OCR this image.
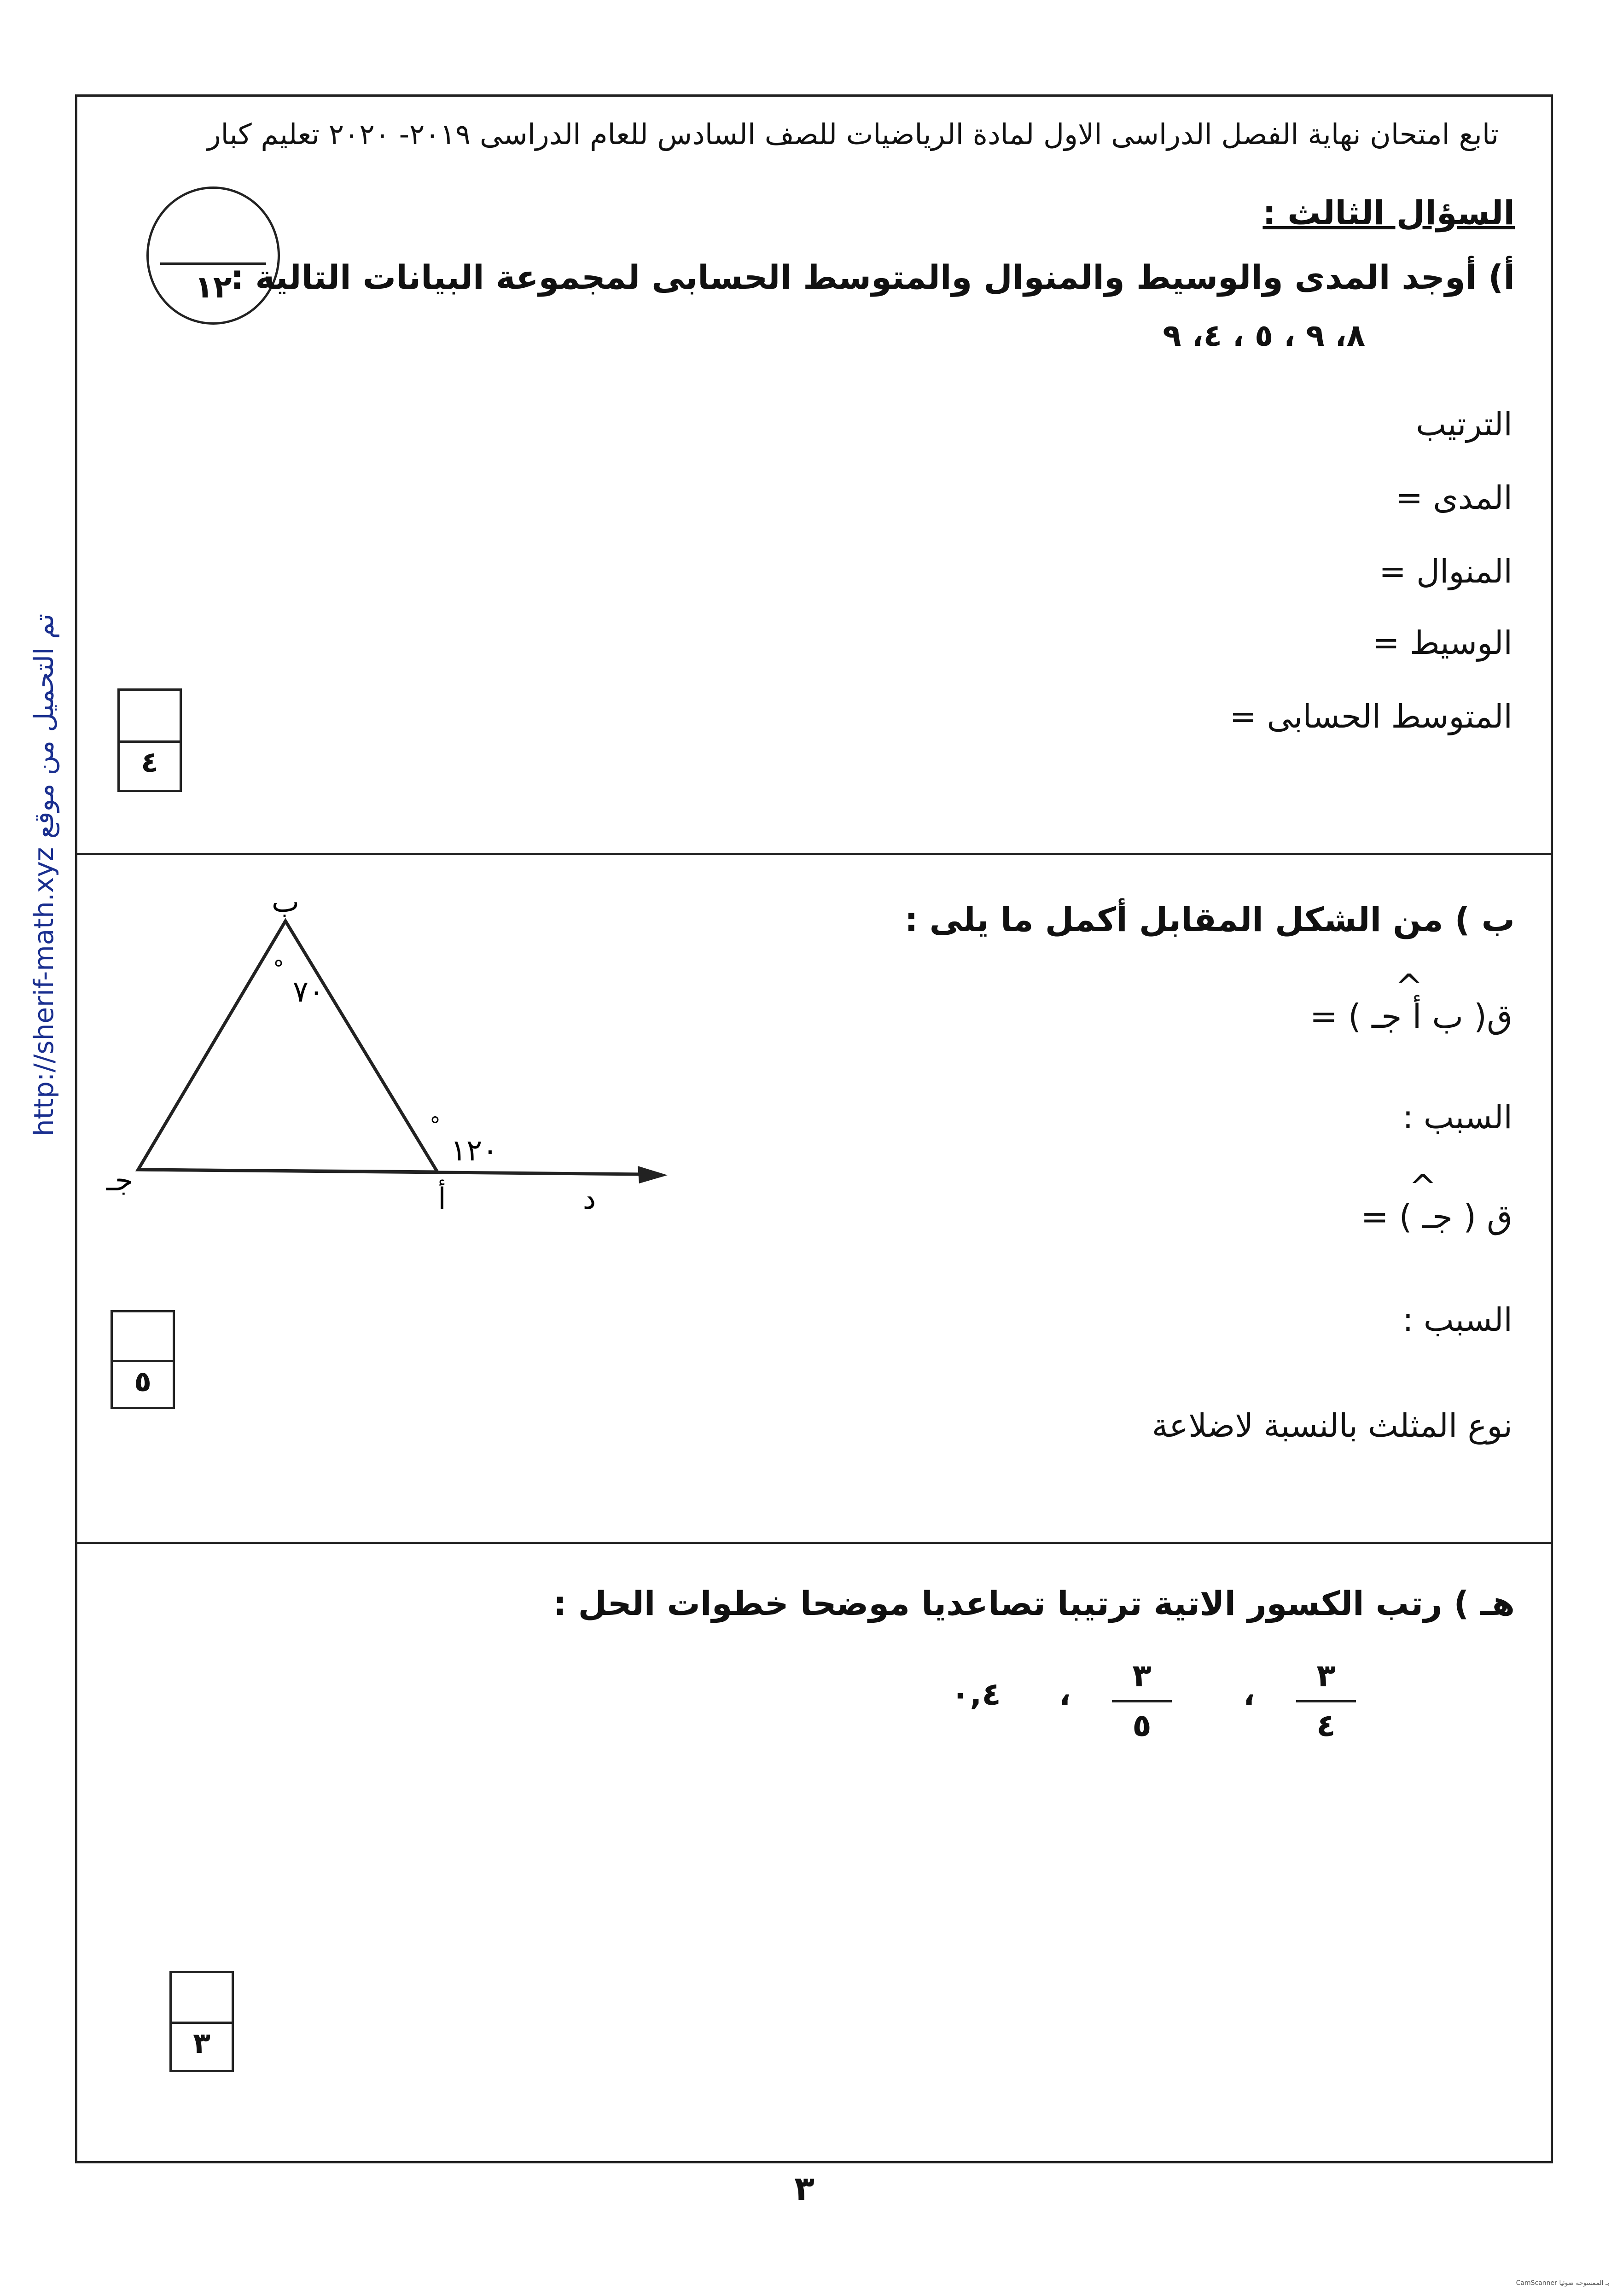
تابع امتحان نهاية الفصل الدراسى الاول لمادة الرياضيات للصف السادس للعام الدراسى ٢٠١٩- ٢٠٢٠ تعليم كبار
السؤال الثالث :
١٢
أ) أوجد المدى والوسيط والمنوال والمتوسط الحسابى لمجموعة البيانات التالية :
٨، ٩ ، ٥ ، ٤، ٩
الترتيب
المدى =
المنوال =
الوسيط =
المتوسط الحسابى =
٤
ب ) من الشكل المقابل أكمل ما يلى :
ق( ب أ جـ ) =
^
السبب :
ق ( جـ ) =
^
السبب :
نوع المثلث بالنسبة لاضلاعة
ب
جـ
أ	د
٧٠
°
١٢٠
°
٥
هـ ) رتب الكسور الاتية ترتيبا تصاعديا موضحا خطوات الحل :
٣
٤
،
٣
٥
،
٠,٤
٣
تم التحميل من موقع http://sherif-math.xyz
٣
CamScanner بـ الممسوحة ضوئيا
